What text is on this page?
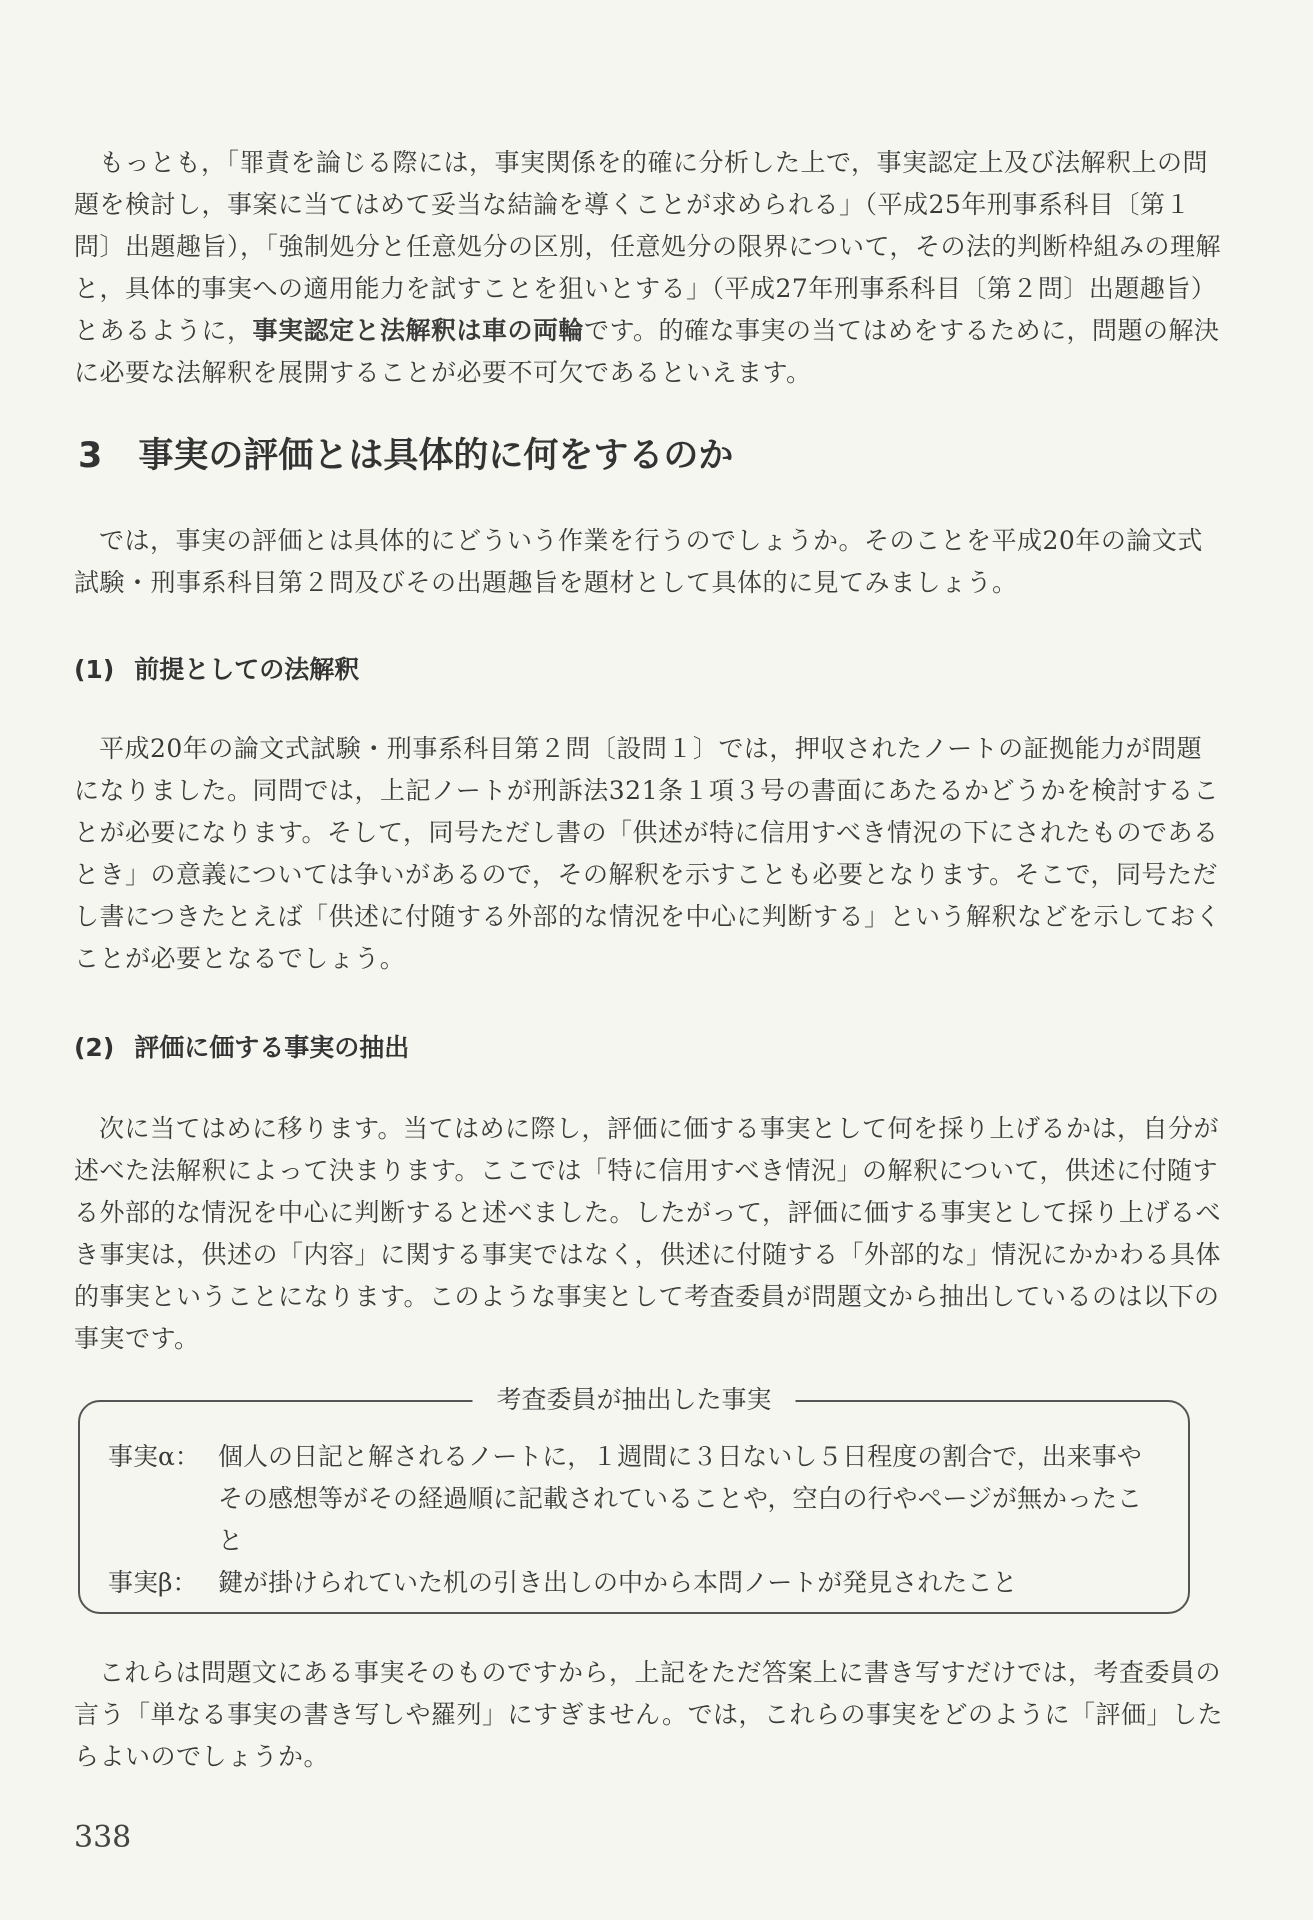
もっとも，「罪責を論じる際には，事実関係を的確に分析した上で，事実認定上及び法解釈上の問題を検討し，事案に当てはめて妥当な結論を導くことが求められる」（平成25年刑事系科目〔第１問〕出題趣旨），「強制処分と任意処分の区別，任意処分の限界について，その法的判断枠組みの理解と，具体的事実への適用能力を試すことを狙いとする」（平成27年刑事系科目〔第２問〕出題趣旨）とあるように，事実認定と法解釈は車の両輪です。的確な事実の当てはめをするために，問題の解決に必要な法解釈を展開することが必要不可欠であるといえます。

3 事実の評価とは具体的に何をするのか

では，事実の評価とは具体的にどういう作業を行うのでしょうか。そのことを平成20年の論文式試験・刑事系科目第２問及びその出題趣旨を題材として具体的に見てみましょう。

(1) 前提としての法解釈

平成20年の論文式試験・刑事系科目第２問〔設問１〕では，押収されたノートの証拠能力が問題になりました。同問では，上記ノートが刑訴法321条１項３号の書面にあたるかどうかを検討することが必要になります。そして，同号ただし書の「供述が特に信用すべき情況の下にされたものであるとき」の意義については争いがあるので，その解釈を示すことも必要となります。そこで，同号ただし書につきたとえば「供述に付随する外部的な情況を中心に判断する」という解釈などを示しておくことが必要となるでしょう。

(2) 評価に価する事実の抽出

次に当てはめに移ります。当てはめに際し，評価に価する事実として何を採り上げるかは，自分が述べた法解釈によって決まります。ここでは「特に信用すべき情況」の解釈について，供述に付随する外部的な情況を中心に判断すると述べました。したがって，評価に価する事実として採り上げるべき事実は，供述の「内容」に関する事実ではなく，供述に付随する「外部的な」情況にかかわる具体的事実ということになります。このような事実として考査委員が問題文から抽出しているのは以下の事実です。

考査委員が抽出した事実
事実α： 個人の日記と解されるノートに，１週間に３日ないし５日程度の割合で，出来事やその感想等がその経過順に記載されていることや，空白の行やページが無かったこと
事実β： 鍵が掛けられていた机の引き出しの中から本問ノートが発見されたこと

これらは問題文にある事実そのものですから，上記をただ答案上に書き写すだけでは，考査委員の言う「単なる事実の書き写しや羅列」にすぎません。では，これらの事実をどのように「評価」したらよいのでしょうか。

338
